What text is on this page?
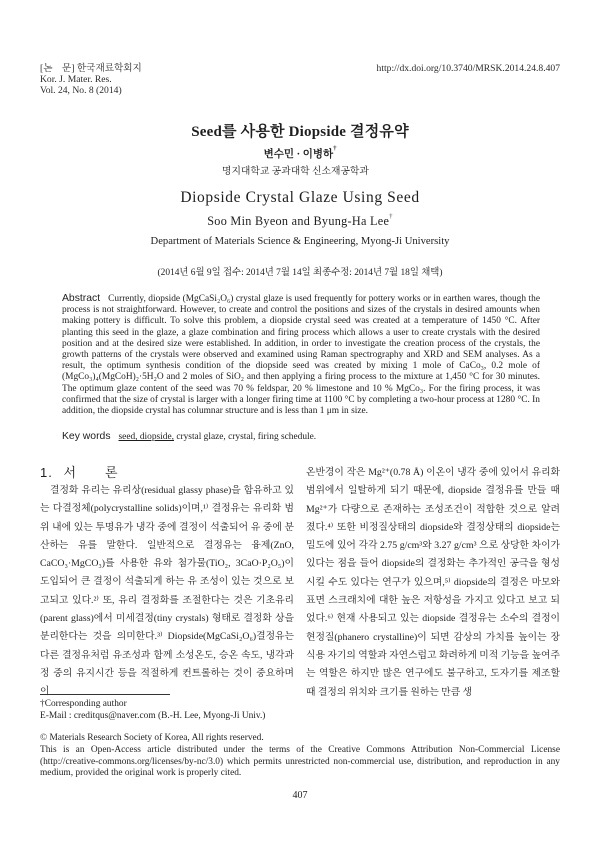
[논　문] 한국재료학회지
Kor. J. Mater. Res.
Vol. 24, No. 8 (2014)
http://dx.doi.org/10.3740/MRSK.2014.24.8.407
Seed를 사용한 Diopside 결정유약
변수민 · 이병하†
명지대학교 공과대학 신소재공학과
Diopside Crystal Glaze Using Seed
Soo Min Byeon and Byung-Ha Lee†
Department of Materials Science & Engineering, Myong-Ji University
(2014년 6월 9일 접수: 2014년 7월 14일 최종수정: 2014년 7월 18일 채택)
Abstract Currently, diopside (MgCaSi₂O₆) crystal glaze is used frequently for pottery works or in earthen wares, though the process is not straightforward. However, to create and control the positions and sizes of the crystals in desired amounts when making pottery is difficult. To solve this problem, a diopside crystal seed was created at a temperature of 1450 °C. After planting this seed in the glaze, a glaze combination and firing process which allows a user to create crystals with the desired position and at the desired size were established. In addition, in order to investigate the creation process of the crystals, the growth patterns of the crystals were observed and examined using Raman spectrography and XRD and SEM analyses. As a result, the optimum synthesis condition of the diopside seed was created by mixing 1 mole of CaCo₃, 0.2 mole of (MgCo₃)₄(MgCoH)₂·5H₂O and 2 moles of SiO₂ and then applying a firing process to the mixture at 1,450 °C for 30 minutes. The optimum glaze content of the seed was 70 % feldspar, 20 % limestone and 10 % MgCo₃. For the firing process, it was confirmed that the size of crystal is larger with a longer firing time at 1100 °C by completing a two-hour process at 1280 °C. In addition, the diopside crystal has columnar structure and is less than 1 μm in size.
Key words seed, diopside, crystal glaze, crystal, firing schedule.
1. 서　　론

결정화 유리는 유리상(residual glassy phase)을 함유하고 있는 다결정체(polycrystalline solids)이며,¹⁾ 결정유는 유리화 범위 내에 있는 투명유가 냉각 중에 결정이 석출되어 유 중에 분산하는 유를 말한다. 일반적으로 결정유는 융제(ZnO, CaCO₃·MgCO₃)를 사용한 유와 첨가물(TiO₂, 3CaO·P₂O₅)이 도입되어 큰 결정이 석출되게 하는 유 조성이 있는 것으로 보고되고 있다.²⁾ 또, 유리 결정화를 조절한다는 것은 기초유리(parent glass)에서 미세결정(tiny crystals) 형태로 결정화 상을 분리한다는 것을 의미한다.³⁾ Diopside(MgCaSi₂O₆)결정유는 다른 결정유처럼 유조성과 함께 소성온도, 승온 속도, 냉각과정 중의 유지시간 등을 적절하게 컨트롤하는 것이 중요하며 이

온반경이 작은 Mg²⁺(0.78 Å) 이온이 냉각 중에 있어서 유리화 범위에서 일탈하게 되기 때문에, diopside 결정유를 만들 때 Mg²⁺가 다량으로 존재하는 조성조건이 적합한 것으로 알려졌다.⁴⁾ 또한 비정질상태의 diopside와 결정상태의 diopside는 밀도에 있어 각각 2.75 g/cm³와 3.27 g/cm³ 으로 상당한 차이가 있다는 점을 들어 diopside의 결정화는 추가적인 공극을 형성시킬 수도 있다는 연구가 있으며,⁵⁾ diopside의 결정은 마모와 표면 스크래치에 대한 높은 저항성을 가지고 있다고 보고 되었다.⁶⁾ 현재 사용되고 있는 diopside 결정유는 소수의 결정이 현정질(phanero crystalline)이 되면 감상의 가치를 높이는 장식용 자기의 역할과 자연스럽고 화려하게 미적 기능을 높여주는 역할은 하지만 많은 연구에도 불구하고, 도자기를 제조할 때 결정의 위치와 크기를 원하는 만큼 생

†Corresponding author
E-Mail : creditqus@naver.com (B.-H. Lee, Myong-Ji Univ.)
© Materials Research Society of Korea, All rights reserved.
This is an Open-Access article distributed under the terms of the Creative Commons Attribution Non-Commercial License (http://creative-commons.org/licenses/by-nc/3.0) which permits unrestricted non-commercial use, distribution, and reproduction in any medium, provided the original work is properly cited.
407
